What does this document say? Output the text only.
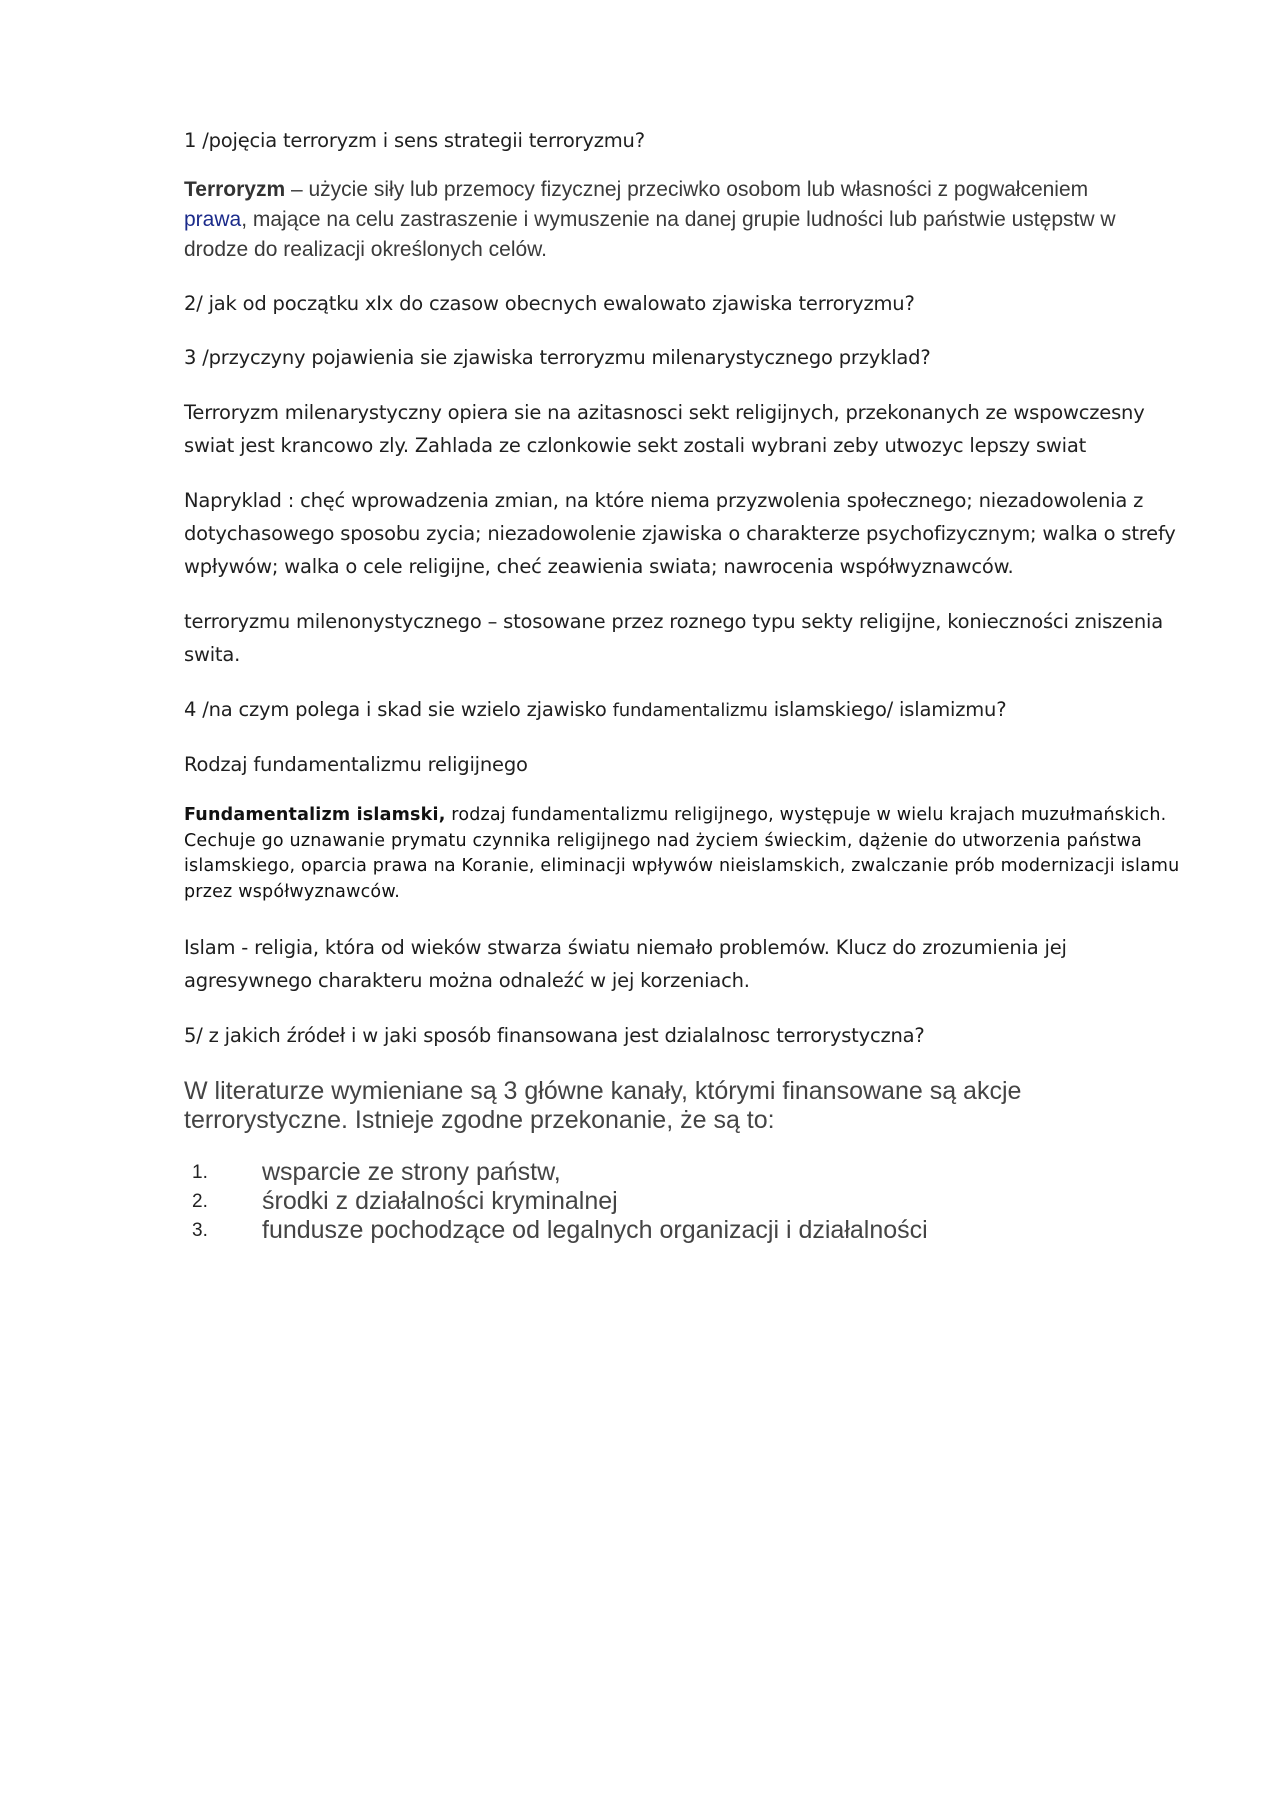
1 /pojęcia terroryzm i sens strategii terroryzmu?

Terroryzm – użycie siły lub przemocy fizycznej przeciwko osobom lub własności z pogwałceniem prawa, mające na celu zastraszenie i wymuszenie na danej grupie ludności lub państwie ustępstw w drodze do realizacji określonych celów.

2/ jak od początku xIx do czasow obecnych ewalowato zjawiska terroryzmu?

3 /przyczyny pojawienia sie zjawiska terroryzmu milenarystycznego przyklad?

Terroryzm milenarystyczny opiera sie na azitasnosci sekt religijnych, przekonanych ze wspowczesny swiat jest krancowo zly. Zahlada ze czlonkowie sekt zostali wybrani zeby utwozyc lepszy swiat

Napryklad : chęć wprowadzenia zmian, na które niema przyzwolenia społecznego; niezadowolenia z dotychasowego sposobu zycia; niezadowolenie zjawiska o charakterze psychofizycznym; walka o strefy wpływów; walka o cele religijne, cheć zeawienia swiata; nawrocenia współwyznawców.

terroryzmu milenonystycznego – stosowane przez roznego typu sekty religijne, konieczności zniszenia swita.

4 /na czym polega i skad sie wzielo zjawisko fundamentalizmu islamskiego/ islamizmu?

Rodzaj fundamentalizmu religijnego

Fundamentalizm islamski, rodzaj fundamentalizmu religijnego, występuje w wielu krajach muzułmańskich. Cechuje go uznawanie prymatu czynnika religijnego nad życiem świeckim, dążenie do utworzenia państwa islamskiego, oparcia prawa na Koranie, eliminacji wpływów nieislamskich, zwalczanie prób modernizacji islamu przez współwyznawców.

Islam - religia, która od wieków stwarza światu niemało problemów. Klucz do zrozumienia jej agresywnego charakteru można odnaleźć w jej korzeniach.

5/ z jakich źródeł i w jaki sposób finansowana jest dzialalnosc terrorystyczna?

W literaturze wymieniane są 3 główne kanały, którymi finansowane są akcje terrorystyczne. Istnieje zgodne przekonanie, że są to:

1.	wsparcie ze strony państw,
2.	środki z działalności kryminalnej
3.	fundusze pochodzące od legalnych organizacji i działalności
